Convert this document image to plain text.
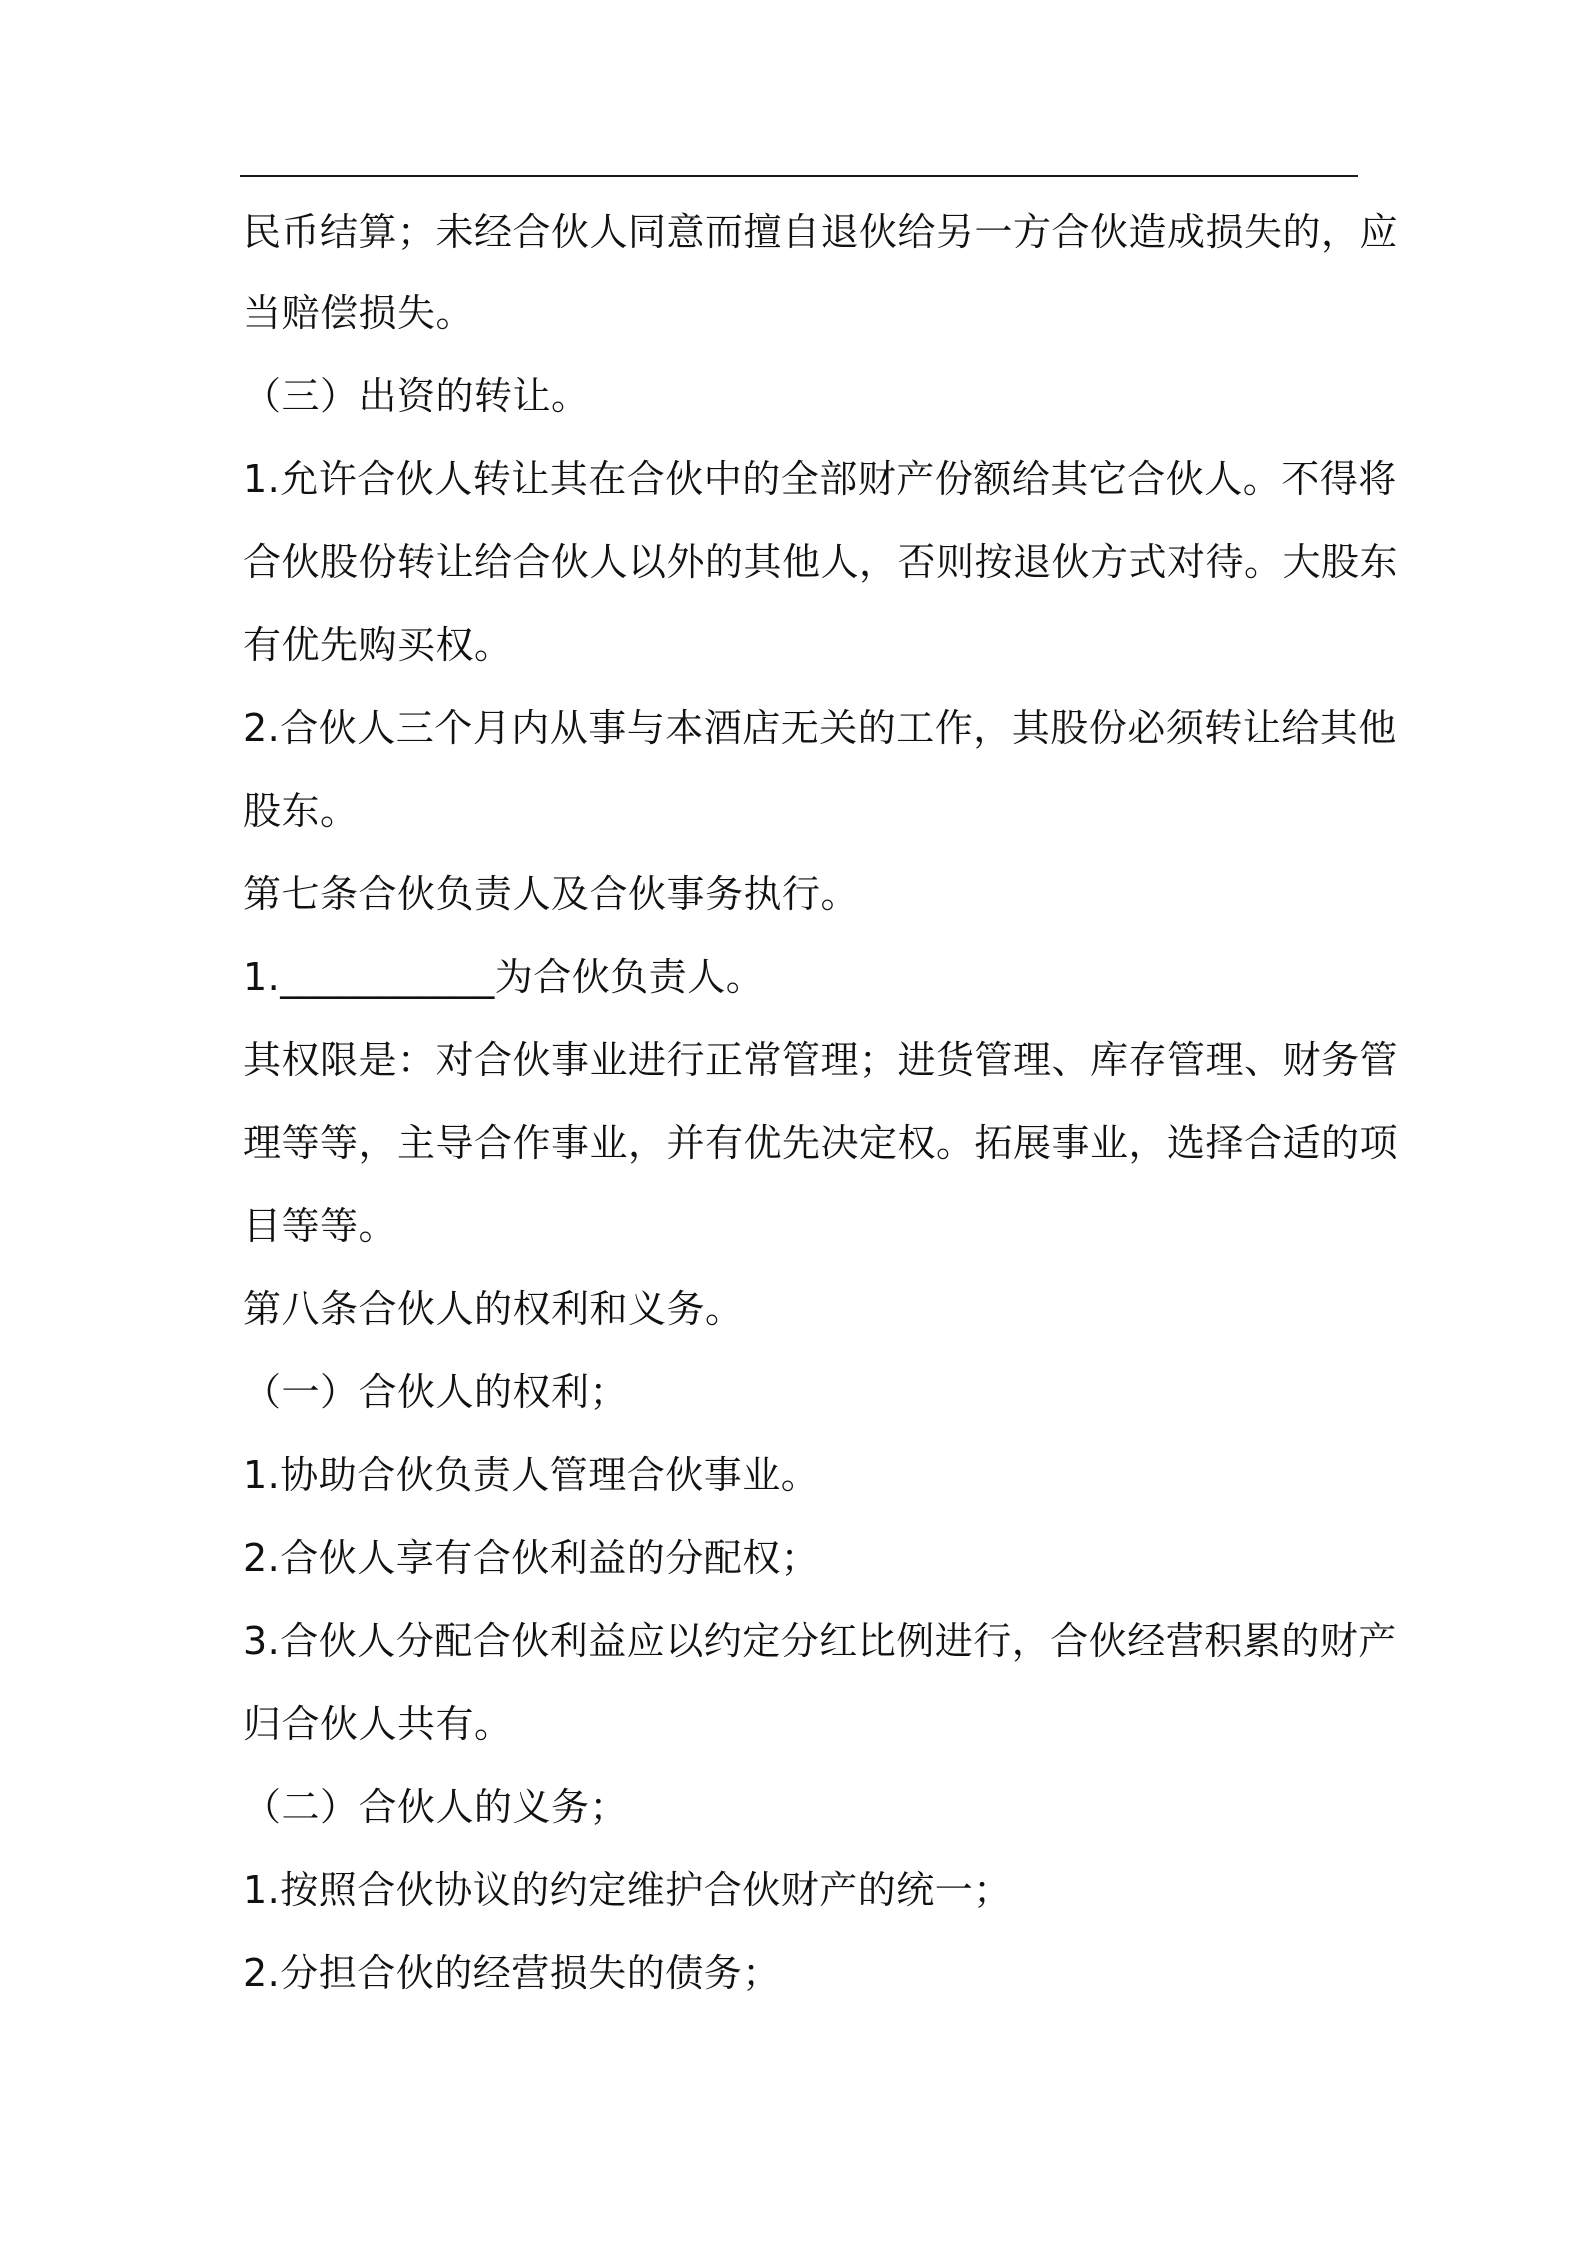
民币结算；未经合伙人同意而擅自退伙给另一方合伙造成损失的，应
当赔偿损失。
（三）出资的转让。
1.允许合伙人转让其在合伙中的全部财产份额给其它合伙人。不得将
合伙股份转让给合伙人以外的其他人，否则按退伙方式对待。大股东
有优先购买权。
2.合伙人三个月内从事与本酒店无关的工作，其股份必须转让给其他
股东。
第七条合伙负责人及合伙事务执行。
1.___________为合伙负责人。
其权限是：对合伙事业进行正常管理；进货管理、库存管理、财务管
理等等，主导合作事业，并有优先决定权。拓展事业，选择合适的项
目等等。
第八条合伙人的权利和义务。
（一）合伙人的权利；
1.协助合伙负责人管理合伙事业。
2.合伙人享有合伙利益的分配权；
3.合伙人分配合伙利益应以约定分红比例进行，合伙经营积累的财产
归合伙人共有。
（二）合伙人的义务；
1.按照合伙协议的约定维护合伙财产的统一；
2.分担合伙的经营损失的债务；
